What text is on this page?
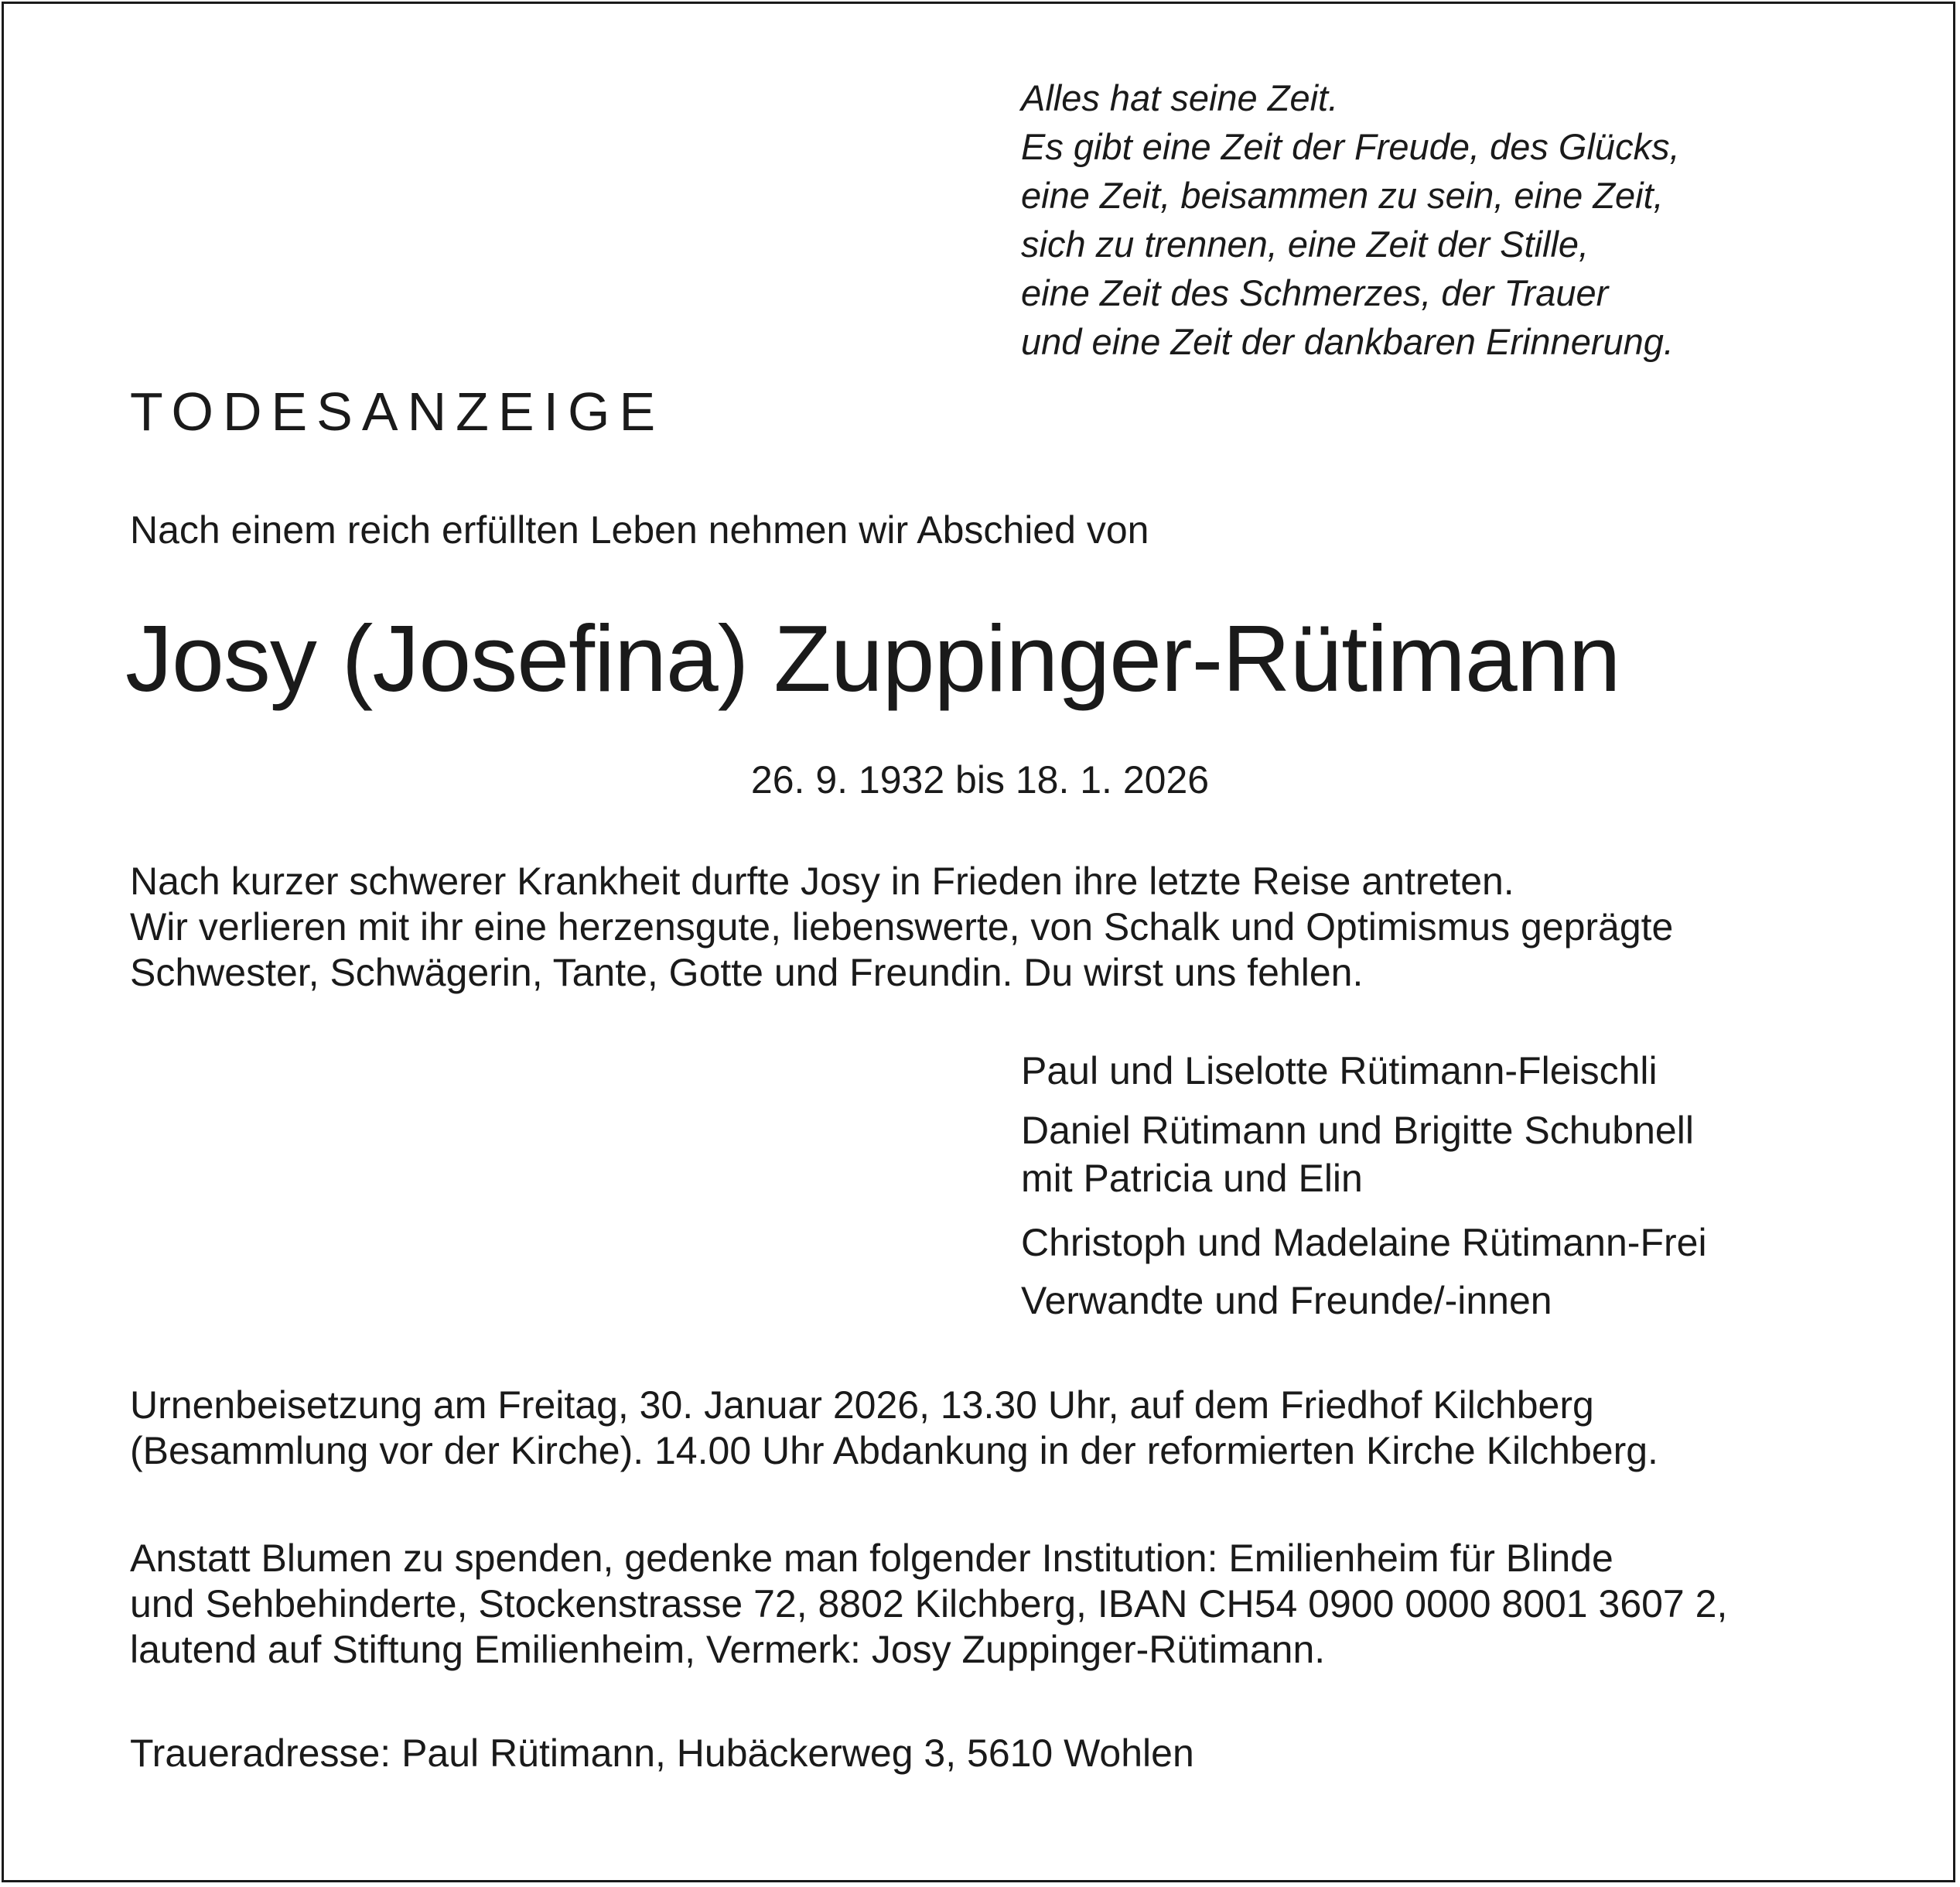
Alles hat seine Zeit.
Es gibt eine Zeit der Freude, des Glücks,
eine Zeit, beisammen zu sein, eine Zeit,
sich zu trennen, eine Zeit der Stille,
eine Zeit des Schmerzes, der Trauer
und eine Zeit der dankbaren Erinnerung.
TODESANZEIGE
Nach einem reich erfüllten Leben nehmen wir Abschied von
Josy (Josefina) Zuppinger-Rütimann
26. 9. 1932 bis 18. 1. 2026
Nach kurzer schwerer Krankheit durfte Josy in Frieden ihre letzte Reise antreten.
Wir verlieren mit ihr eine herzensgute, liebenswerte, von Schalk und Optimismus geprägte
Schwester, Schwägerin, Tante, Gotte und Freundin. Du wirst uns fehlen.
Paul und Liselotte Rütimann-Fleischli
Daniel Rütimann und Brigitte Schubnell
mit Patricia und Elin
Christoph und Madelaine Rütimann-Frei
Verwandte und Freunde/-innen
Urnenbeisetzung am Freitag, 30. Januar 2026, 13.30 Uhr, auf dem Friedhof Kilchberg
(Besammlung vor der Kirche). 14.00 Uhr Abdankung in der reformierten Kirche Kilchberg.
Anstatt Blumen zu spenden, gedenke man folgender Institution: Emilienheim für Blinde
und Sehbehinderte, Stockenstrasse 72, 8802 Kilchberg, IBAN CH54 0900 0000 8001 3607 2,
lautend auf Stiftung Emilienheim, Vermerk: Josy Zuppinger-Rütimann.
Traueradresse: Paul Rütimann, Hubäckerweg 3, 5610 Wohlen
